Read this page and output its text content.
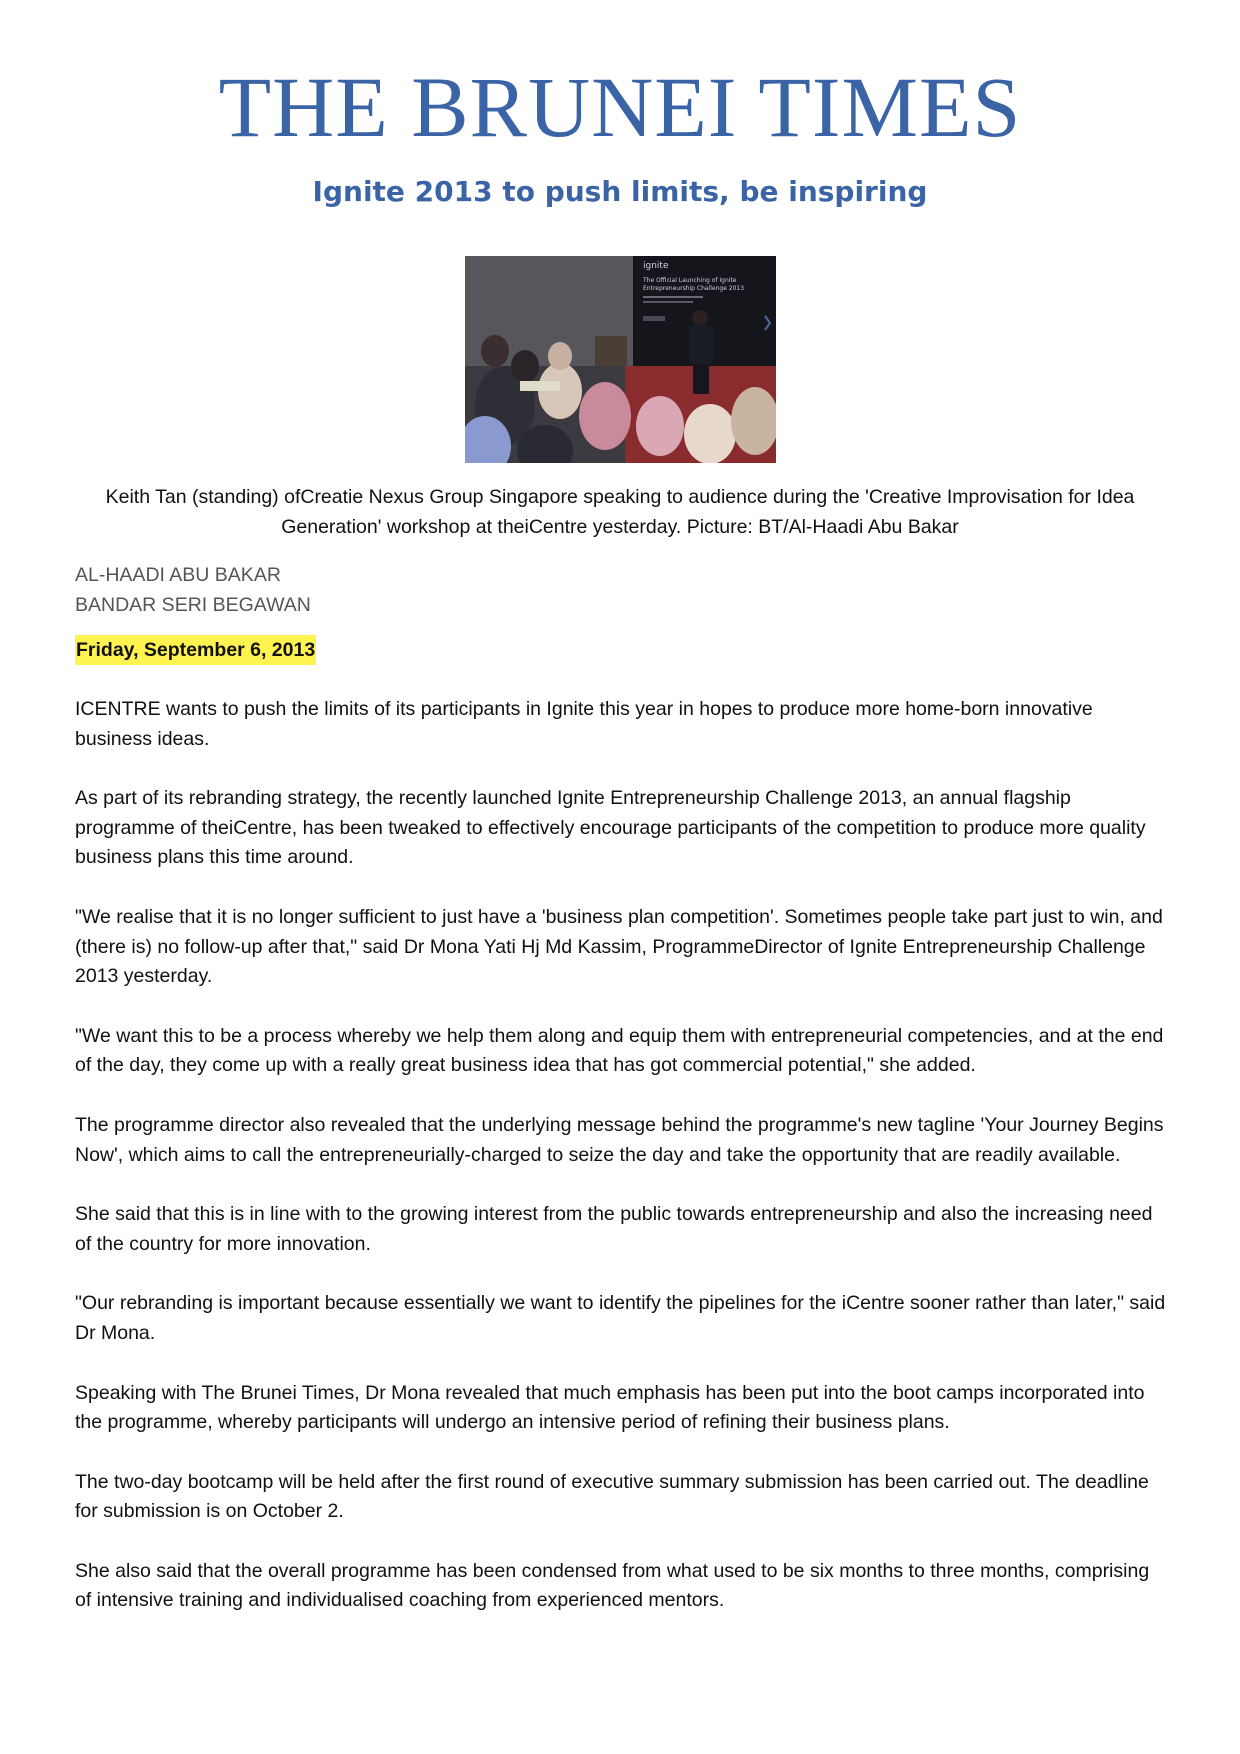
THE BRUNEI TIMES
Ignite 2013 to push limits, be inspiring
ignite
The Official Launching of Ignite
Entrepreneurship Challenge 2013

Keith Tan (standing) ofCreatie Nexus Group Singapore speaking to audience during the 'Creative Improvisation for Idea Generation' workshop at theiCentre yesterday. Picture: BT/Al-Haadi Abu Bakar

AL-HAADI ABU BAKAR
BANDAR SERI BEGAWAN
Friday, September 6, 2013

ICENTRE wants to push the limits of its participants in Ignite this year in hopes to produce more home-born innovative business ideas.

As part of its rebranding strategy, the recently launched Ignite Entrepreneurship Challenge 2013, an annual flagship programme of theiCentre, has been tweaked to effectively encourage participants of the competition to produce more quality business plans this time around.

"We realise that it is no longer sufficient to just have a 'business plan competition'. Sometimes people take part just to win, and (there is) no follow-up after that," said Dr Mona Yati Hj Md Kassim, ProgrammeDirector of Ignite Entrepreneurship Challenge 2013 yesterday.

"We want this to be a process whereby we help them along and equip them with entrepreneurial competencies, and at the end of the day, they come up with a really great business idea that has got commercial potential," she added.

The programme director also revealed that the underlying message behind the programme's new tagline 'Your Journey Begins Now', which aims to call the entrepreneurially-charged to seize the day and take the opportunity that are readily available.

She said that this is in line with to the growing interest from the public towards entrepreneurship and also the increasing need of the country for more innovation.

"Our rebranding is important because essentially we want to identify the pipelines for the iCentre sooner rather than later," said Dr Mona.

Speaking with The Brunei Times, Dr Mona revealed that much emphasis has been put into the boot camps incorporated into the programme, whereby participants will undergo an intensive period of refining their business plans.

The two-day bootcamp will be held after the first round of executive summary submission has been carried out. The deadline for submission is on October 2.

She also said that the overall programme has been condensed from what used to be six months to three months, comprising of intensive training and individualised coaching from experienced mentors.
